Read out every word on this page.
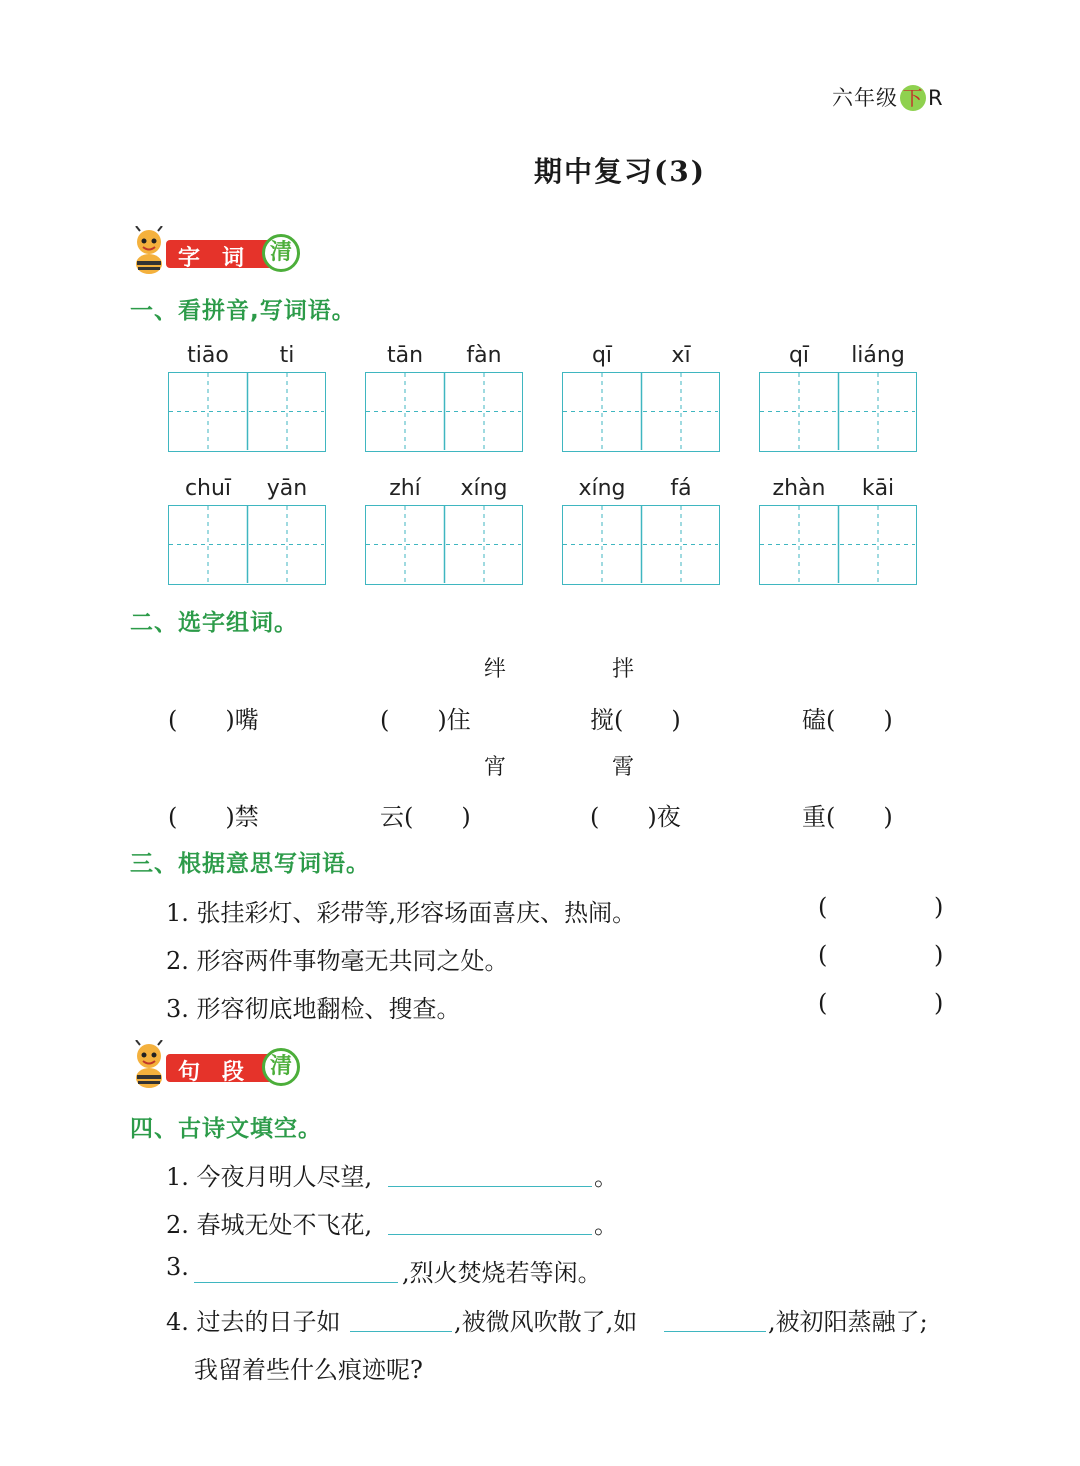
六年级 下 R
期中复习(3)
字 词	清
一、看拼音,写词语。
tiāo	ti	tān	fàn	qī	xī	qī	liáng
chuī	yān	zhí	xíng	xíng	fá	zhàn	kāi
二、选字组词。
绊	拌
(　　)嘴	(　　)住	搅(　　)	磕(　　)
宵	霄
(　　)禁	云(　　)	(　　)夜	重(　　)
三、根据意思写词语。
1. 张挂彩灯、彩带等,形容场面喜庆、热闹。	(	)
2. 形容两件事物毫无共同之处。	(	)
3. 形容彻底地翻检、搜查。	(	)
句 段	清
四、古诗文填空。
1. 今夜月明人尽望,	。
2. 春城无处不飞花,	。
3.	,烈火焚烧若等闲。
4. 过去的日子如	,被微风吹散了,如	,被初阳蒸融了;
我留着些什么痕迹呢?
